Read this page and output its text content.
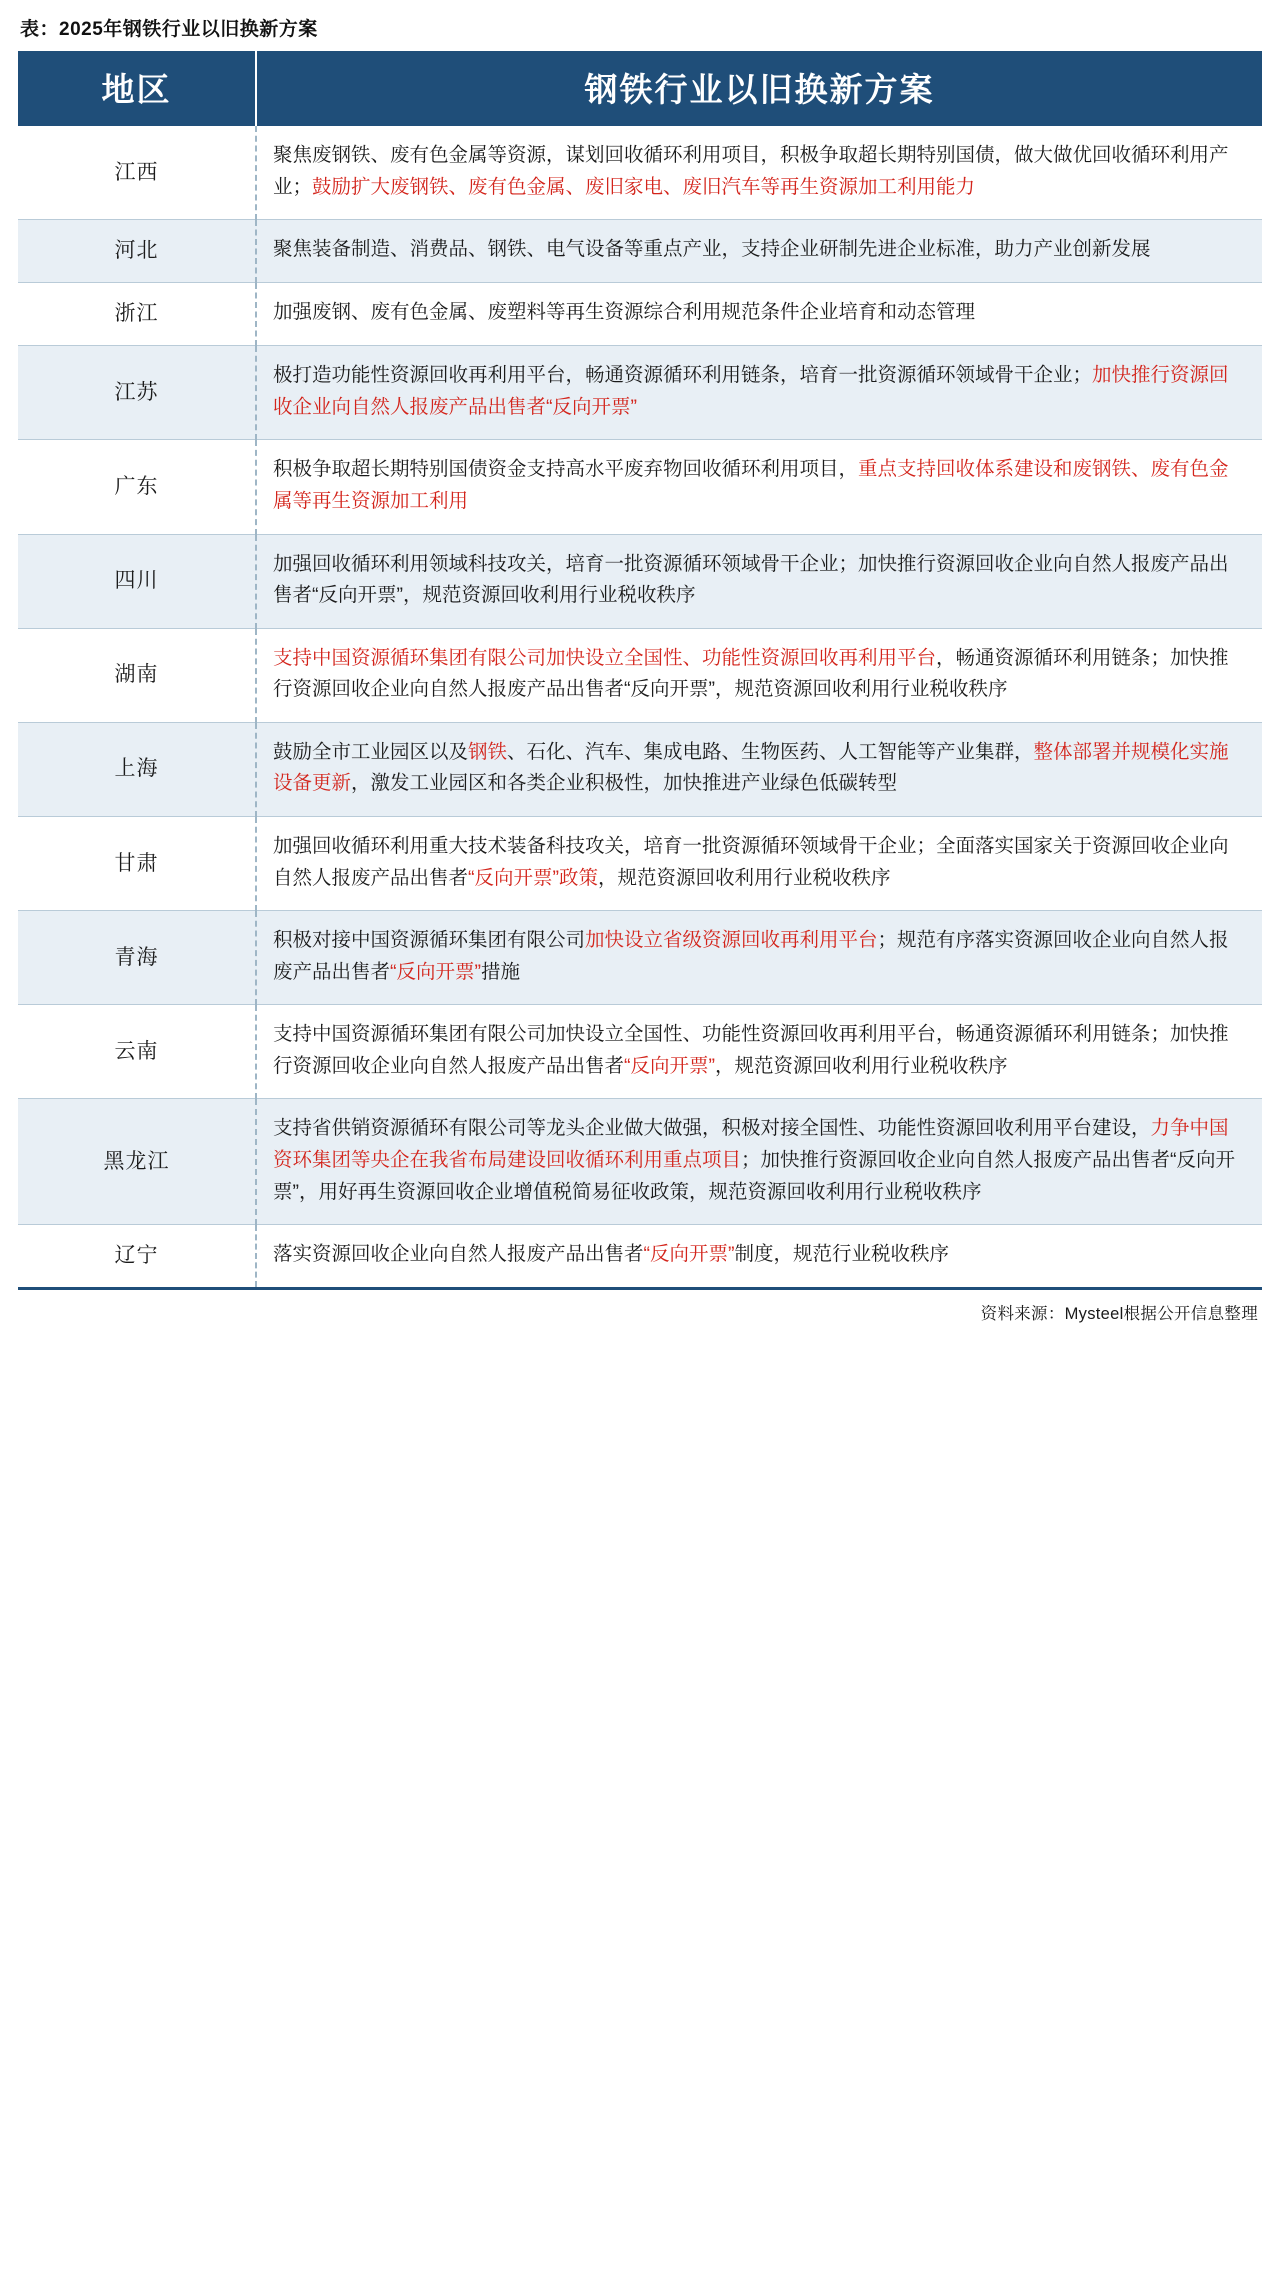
表：2025年钢铁行业以旧换新方案
地区	钢铁行业以旧换新方案
江西	聚焦废钢铁、废有色金属等资源，谋划回收循环利用项目，积极争取超长期特别国债，做大做优回收循环利用产业；鼓励扩大废钢铁、废有色金属、废旧家电、废旧汽车等再生资源加工利用能力
河北	聚焦装备制造、消费品、钢铁、电气设备等重点产业，支持企业研制先进企业标准，助力产业创新发展
浙江	加强废钢、废有色金属、废塑料等再生资源综合利用规范条件企业培育和动态管理
江苏	极打造功能性资源回收再利用平台，畅通资源循环利用链条，培育一批资源循环领域骨干企业；加快推行资源回收企业向自然人报废产品出售者“反向开票”
广东	积极争取超长期特别国债资金支持高水平废弃物回收循环利用项目，重点支持回收体系建设和废钢铁、废有色金属等再生资源加工利用
四川	加强回收循环利用领域科技攻关，培育一批资源循环领域骨干企业；加快推行资源回收企业向自然人报废产品出售者“反向开票”，规范资源回收利用行业税收秩序
湖南	支持中国资源循环集团有限公司加快设立全国性、功能性资源回收再利用平台，畅通资源循环利用链条；加快推行资源回收企业向自然人报废产品出售者“反向开票”，规范资源回收利用行业税收秩序
上海	鼓励全市工业园区以及钢铁、石化、汽车、集成电路、生物医药、人工智能等产业集群，整体部署并规模化实施设备更新，激发工业园区和各类企业积极性，加快推进产业绿色低碳转型
甘肃	加强回收循环利用重大技术装备科技攻关，培育一批资源循环领域骨干企业；全面落实国家关于资源回收企业向自然人报废产品出售者“反向开票”政策，规范资源回收利用行业税收秩序
青海	积极对接中国资源循环集团有限公司加快设立省级资源回收再利用平台；规范有序落实资源回收企业向自然人报废产品出售者“反向开票”措施
云南	支持中国资源循环集团有限公司加快设立全国性、功能性资源回收再利用平台，畅通资源循环利用链条；加快推行资源回收企业向自然人报废产品出售者“反向开票”，规范资源回收利用行业税收秩序
黑龙江	支持省供销资源循环有限公司等龙头企业做大做强，积极对接全国性、功能性资源回收利用平台建设，力争中国资环集团等央企在我省布局建设回收循环利用重点项目；加快推行资源回收企业向自然人报废产品出售者“反向开票”，用好再生资源回收企业增值税简易征收政策，规范资源回收利用行业税收秩序
辽宁	落实资源回收企业向自然人报废产品出售者“反向开票”制度，规范行业税收秩序
资料来源：Mysteel根据公开信息整理
